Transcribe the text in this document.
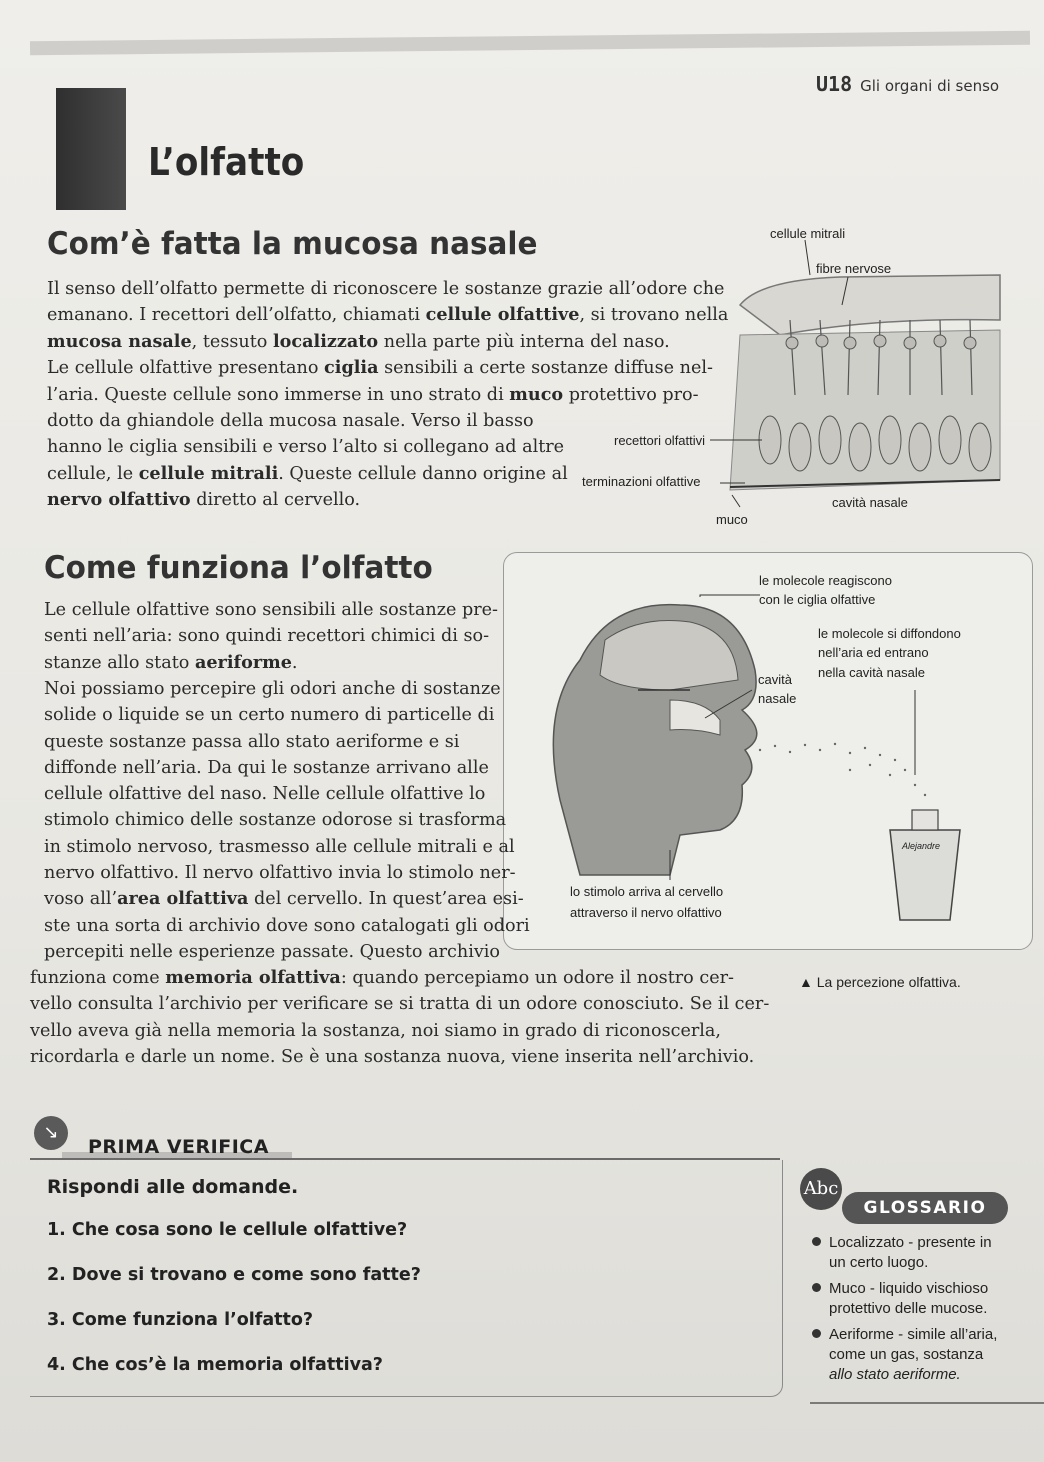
U18 Gli organi di senso
L’olfatto
Com’è fatta la mucosa nasale
Il senso dell’olfatto permette di riconoscere le sostanze grazie all’odore che
emanano. I recettori dell’olfatto, chiamati cellule olfattive, si trovano nella
mucosa nasale, tessuto localizzato nella parte più interna del naso.
Le cellule olfattive presentano ciglia sensibili a certe sostanze diffuse nel-
l’aria. Queste cellule sono immerse in uno strato di muco protettivo pro-
dotto da ghiandole della mucosa nasale. Verso il basso
hanno le ciglia sensibili e verso l’alto si collegano ad altre
cellule, le cellule mitrali. Queste cellule danno origine al
nervo olfattivo diretto al cervello.
cellule mitrali
fibre nervose
recettori olfattivi
terminazioni olfattive
cavità nasale
muco
Come funziona l’olfatto
Le cellule olfattive sono sensibili alle sostanze pre-
senti nell’aria: sono quindi recettori chimici di so-
stanze allo stato aeriforme.
Noi possiamo percepire gli odori anche di sostanze
solide o liquide se un certo numero di particelle di
queste sostanze passa allo stato aeriforme e si
diffonde nell’aria. Da qui le sostanze arrivano alle
cellule olfattive del naso. Nelle cellule olfattive lo
stimolo chimico delle sostanze odorose si trasforma
in stimolo nervoso, trasmesso alle cellule mitrali e al
nervo olfattivo. Il nervo olfattivo invia lo stimolo ner-
voso all’area olfattiva del cervello. In quest’area esi-
ste una sorta di archivio dove sono catalogati gli odori
percepiti nelle esperienze passate. Questo archivio
le molecole reagiscono
con le ciglia olfattive
le molecole si diffondono
nell’aria ed entrano
nella cavità nasale
cavità
nasale
lo stimolo arriva al cervello
attraverso il nervo olfattivo
Alejandre
funziona come memoria olfattiva: quando percepiamo un odore il nostro cer-
vello consulta l’archivio per verificare se si tratta di un odore conosciuto. Se il cer-
vello aveva già nella memoria la sostanza, noi siamo in grado di riconoscerla,
ricordarla e darle un nome. Se è una sostanza nuova, viene inserita nell’archivio.
▲ La percezione olfattiva.
↘
PRIMA VERIFICA
Rispondi alle domande.
1. Che cosa sono le cellule olfattive?
2. Dove si trovano e come sono fatte?
3. Come funziona l’olfatto?
4. Che cos’è la memoria olfattiva?
GLOSSARIO
Abc
Localizzato - presente in
un certo luogo.
Muco - liquido vischioso
protettivo delle mucose.
Aeriforme - simile all’aria,
come un gas, sostanza
allo stato aeriforme.
